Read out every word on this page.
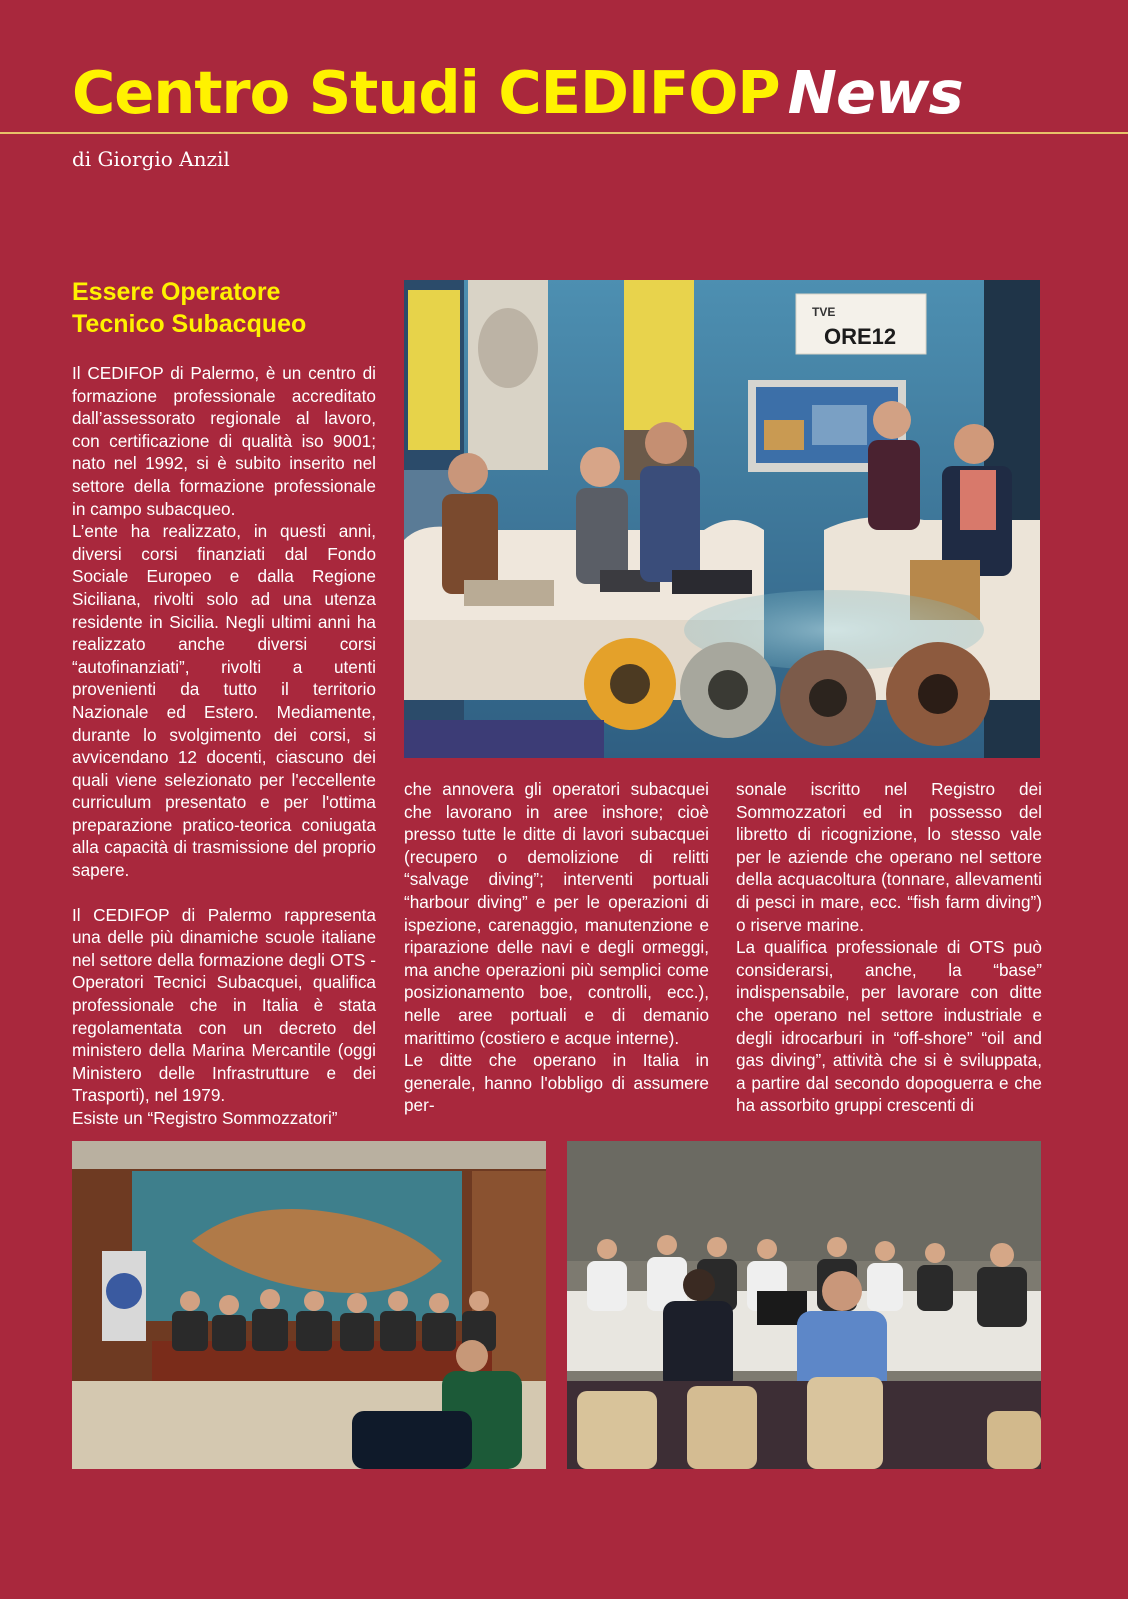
Centro Studi CEDIFOP News
di Giorgio Anzil
Essere Operatore
Tecnico Subacqueo	TVE
ORE12

Il CEDIFOP di Palermo, è un centro di formazione professionale accreditato dall’assessorato regionale al lavoro, con certificazione di qualità iso 9001; nato nel 1992, si è subito inserito nel settore della formazione professionale in campo subacqueo.

L’ente ha realizzato, in questi anni, diversi corsi finanziati dal Fondo Sociale Europeo e dalla Regione Siciliana, rivolti solo ad una utenza residente in Sicilia. Negli ultimi anni ha realizzato anche diversi corsi “autofinanziati”, rivolti a utenti provenienti da tutto il territorio Nazionale ed Estero. Mediamente, durante lo svolgimento dei corsi, si avvicendano 12 docenti, ciascuno dei quali viene selezionato per l'eccellente curriculum presentato e per l'ottima preparazione pratico-teorica coniugata alla capacità di trasmissione del proprio sapere.

Il CEDIFOP di Palermo rappresenta una delle più dinamiche scuole italiane nel settore della formazione degli OTS - Operatori Tecnici Subacquei, qualifica professionale che in Italia è stata regolamentata con un decreto del ministero della Marina Mercantile (oggi Ministero delle Infrastrutture e dei Trasporti), nel 1979.

Esiste un “Registro Sommozzatori”

che annovera gli operatori subacquei che lavorano in aree inshore; cioè presso tutte le ditte di lavori subacquei (recupero o demolizione di relitti “salvage diving”; interventi portuali “harbour diving” e per le operazioni di ispezione, carenaggio, manutenzione e riparazione delle navi e degli ormeggi, ma anche operazioni più semplici come posizionamento boe, controlli, ecc.), nelle aree portuali e di demanio marittimo (costiero e acque interne).

Le ditte che operano in Italia in generale, hanno l'obbligo di assumere per-

sonale iscritto nel Registro dei Sommozzatori ed in possesso del libretto di ricognizione, lo stesso vale per le aziende che operano nel settore della acquacoltura (tonnare, allevamenti di pesci in mare, ecc. “fish farm diving”) o riserve marine.

La qualifica professionale di OTS può considerarsi, anche, la “base” indispensabile, per lavorare con ditte che operano nel settore industriale e degli idrocarburi in “off-shore” “oil and gas diving”, attività che si è sviluppata, a partire dal secondo dopoguerra e che ha assorbito gruppi crescenti di
